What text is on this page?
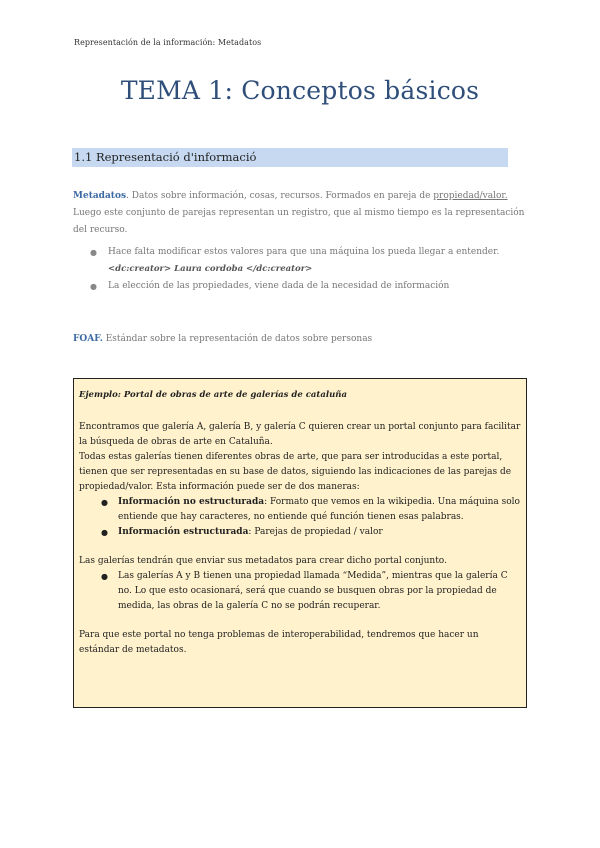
Representación de la información: Metadatos
TEMA 1: Conceptos básicos
1.1 Representació d'informació
Metadatos. Datos sobre información, cosas, recursos. Formados en pareja de propiedad/valor. Luego este conjunto de parejas representan un registro, que al mismo tiempo es la representación del recurso.
● Hace falta modificar estos valores para que una máquina los pueda llegar a entender.
<dc:creator> Laura cordoba </dc:creator>
● La elección de las propiedades, viene dada de la necesidad de información
FOAF. Estándar sobre la representación de datos sobre personas
Ejemplo: Portal de obras de arte de galerías de cataluña

Encontramos que galería A, galería B, y galería C quieren crear un portal conjunto para facilitar la búsqueda de obras de arte en Cataluña.

Todas estas galerías tienen diferentes obras de arte, que para ser introducidas a este portal, tienen que ser representadas en su base de datos, siguiendo las indicaciones de las parejas de propiedad/valor. Esta información puede ser de dos maneras:

● Información no estructurada: Formato que vemos en la wikipedia. Una máquina solo entiende que hay caracteres, no entiende qué función tienen esas palabras.
● Información estructurada: Parejas de propiedad / valor

Las galerías tendrán que enviar sus metadatos para crear dicho portal conjunto.

● Las galerías A y B tienen una propiedad llamada “Medida”, mientras que la galería C no. Lo que esto ocasionará, será que cuando se busquen obras por la propiedad de medida, las obras de la galería C no se podrán recuperar.

Para que este portal no tenga problemas de interoperabilidad, tendremos que hacer un estándar de metadatos.
